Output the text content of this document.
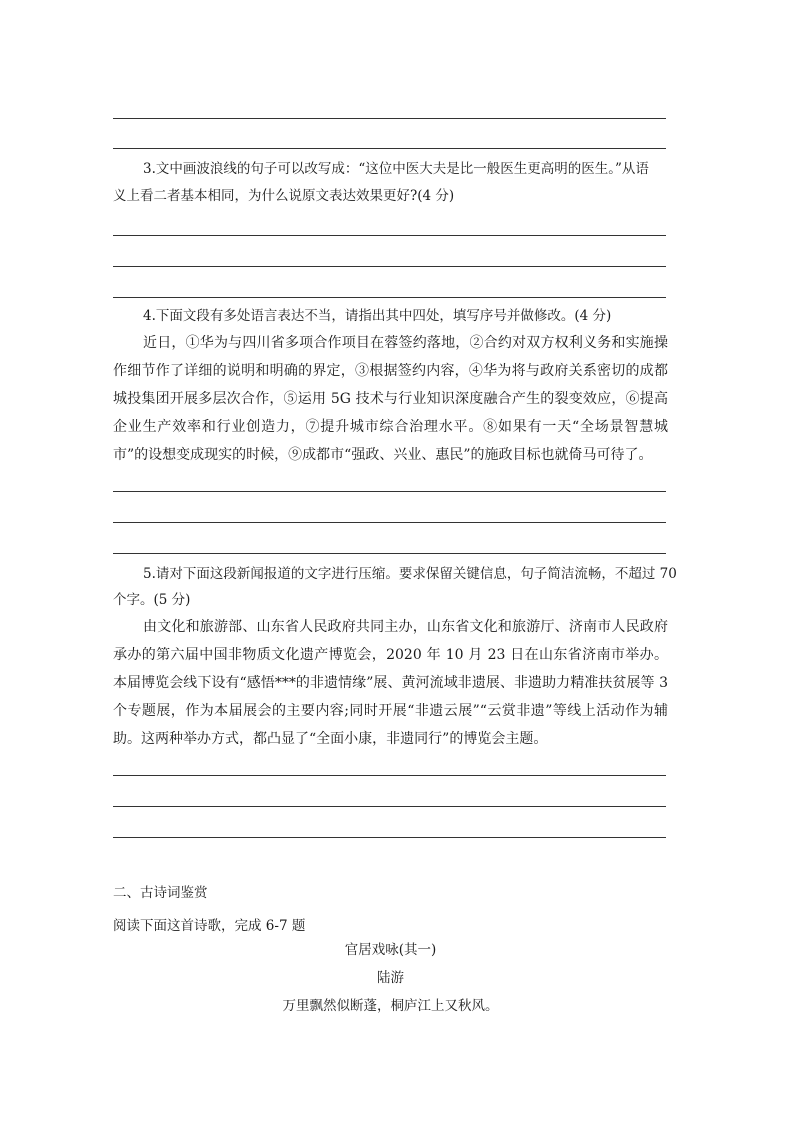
3.文中画波浪线的句子可以改写成：“这位中医大夫是比一般医生更高明的医生。”从语
义上看二者基本相同，为什么说原文表达效果更好?(4 分)
4.下面文段有多处语言表达不当，请指出其中四处，填写序号并做修改。(4 分)

近日，①华为与四川省多项合作项目在蓉签约落地，②合约对双方权利义务和实施操作细节作了详细的说明和明确的界定，③根据签约内容，④华为将与政府关系密切的成都城投集团开展多层次合作，⑤运用 5G 技术与行业知识深度融合产生的裂变效应，⑥提高企业生产效率和行业创造力，⑦提升城市综合治理水平。⑧如果有一天“全场景智慧城市”的设想变成现实的时候，⑨成都市“强政、兴业、惠民”的施政目标也就倚马可待了。

5.请对下面这段新闻报道的文字进行压缩。要求保留关键信息，句子简洁流畅，不超过 70
个字。(5 分)

由文化和旅游部、山东省人民政府共同主办，山东省文化和旅游厅、济南市人民政府承办的第六届中国非物质文化遗产博览会，2020 年 10 月 23 日在山东省济南市举办。本届博览会线下设有“感悟***的非遗情缘”展、黄河流域非遗展、非遗助力精准扶贫展等 3 个专题展，作为本届展会的主要内容;同时开展“非遗云展”“云赏非遗”等线上活动作为辅助。这两种举办方式，都凸显了“全面小康，非遗同行”的博览会主题。

二、古诗词鉴赏
阅读下面这首诗歌，完成 6-7 题
官居戏咏(其一)
陆游
万里飘然似断蓬，桐庐江上又秋风。
